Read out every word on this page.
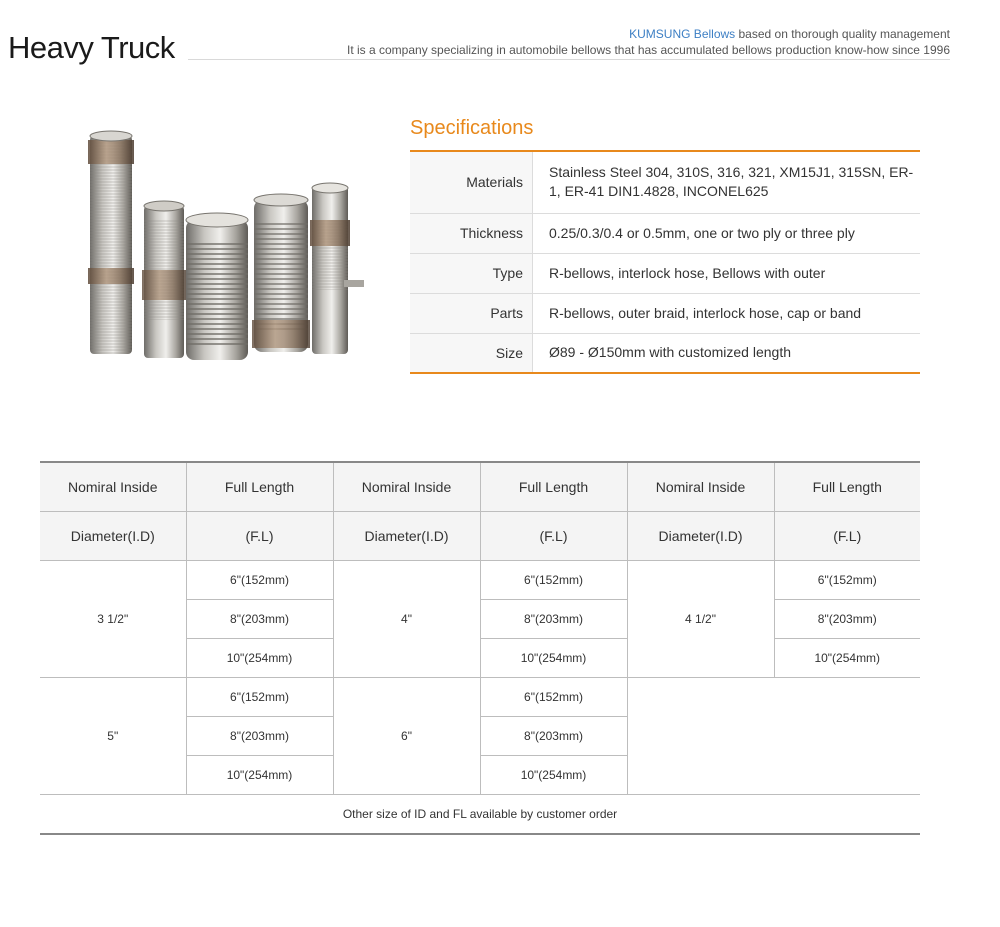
Heavy Truck	KUMSUNG Bellows based on thorough quality management
It is a company specializing in automobile bellows that has accumulated bellows production know-how since 1996
Specifications
Materials	Stainless Steel 304, 310S, 316, 321, XM15J1, 315SN, ER-1, ER-41 DIN1.4828, INCONEL625
Thickness	0.25/0.3/0.4 or 0.5mm, one or two ply or three ply
Type	R-bellows, interlock hose, Bellows with outer
Parts	R-bellows, outer braid, interlock hose, cap or band
Size	Ø89 - Ø150mm with customized length
Nomiral Inside	Full Length	Nomiral Inside	Full Length	Nomiral Inside	Full Length
Diameter(I.D)	(F.L)	Diameter(I.D)	(F.L)	Diameter(I.D)	(F.L)
3 1/2"	6"(152mm)	4"	6"(152mm)	4 1/2"	6"(152mm)
	8"(203mm)		8"(203mm)		8"(203mm)
	10"(254mm)		10"(254mm)		10"(254mm)
5"	6"(152mm)	6"	6"(152mm)		
	8"(203mm)		8"(203mm)		
	10"(254mm)		10"(254mm)		
Other size of ID and FL available by customer order					
